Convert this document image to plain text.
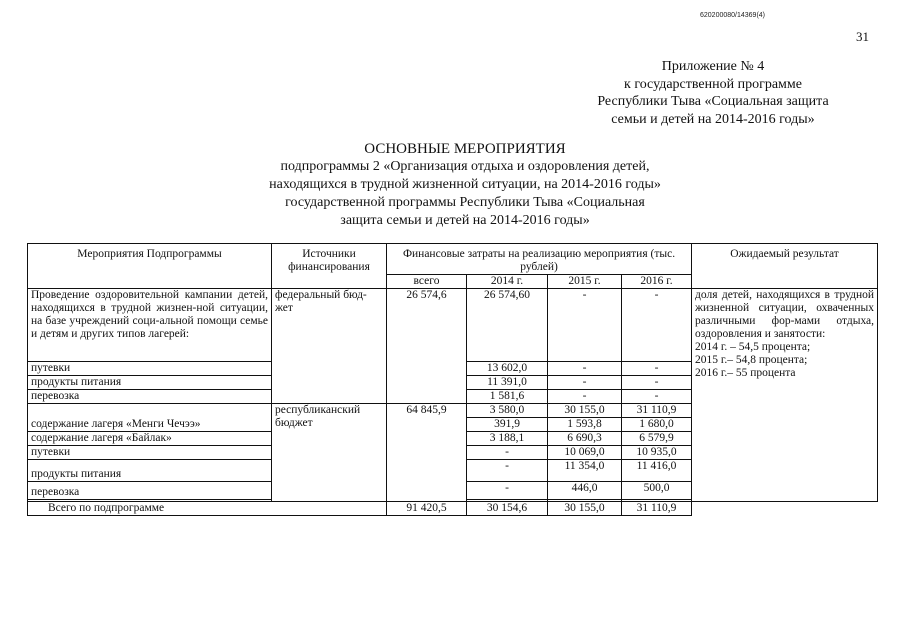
620200080/14369(4)
31
Приложение № 4
к государственной программе
Республики Тыва «Социальная защита
семьи и детей на 2014-2016 годы»
ОСНОВНЫЕ МЕРОПРИЯТИЯ
подпрограммы 2 «Организация отдыха и оздоровления детей,
находящихся в трудной жизненной ситуации, на 2014-2016 годы»
государственной программы Республики Тыва «Социальная
защита семьи и детей на 2014-2016 годы»
Мероприятия Подпрограммы	Источники финансирования	Финансовые затраты на реализацию мероприятия (тыс. рублей)				Ожидаемый результат
		всего	2014 г.	2015 г.	2016 г.	
Проведение оздоровительной кампании детей, находящихся в трудной жизнен-ной ситуации, на базе учреждений соци-альной помощи семье и детям и других типов лагерей:	федеральный бюд-жет	26 574,6	26 574,60	-	-	доля детей, находящихся в трудной жизненной ситуации, охваченных различными фор-мами отдыха, оздоровления и занятости:
2014 г. – 54,5 процента;
2015 г.– 54,8 процента;
2016 г.– 55 процента

путевки			13 602,0	-	-	
продукты питания			11 391,0	-	-	
перевозка			1 581,6	-	-	
	республиканский бюджет	64 845,9	3 580,0	30 155,0	31 110,9	
содержание лагеря «Менги Чечээ»			391,9	1 593,8	1 680,0	
содержание лагеря «Байлак»			3 188,1	6 690,3	6 579,9	
путевки			-	10 069,0	10 935,0	
продукты питания			-	11 354,0	11 416,0	
перевозка			-	446,0	500,0	

Всего по подпрограмме		91 420,5	30 154,6	30 155,0	31 110,9	
